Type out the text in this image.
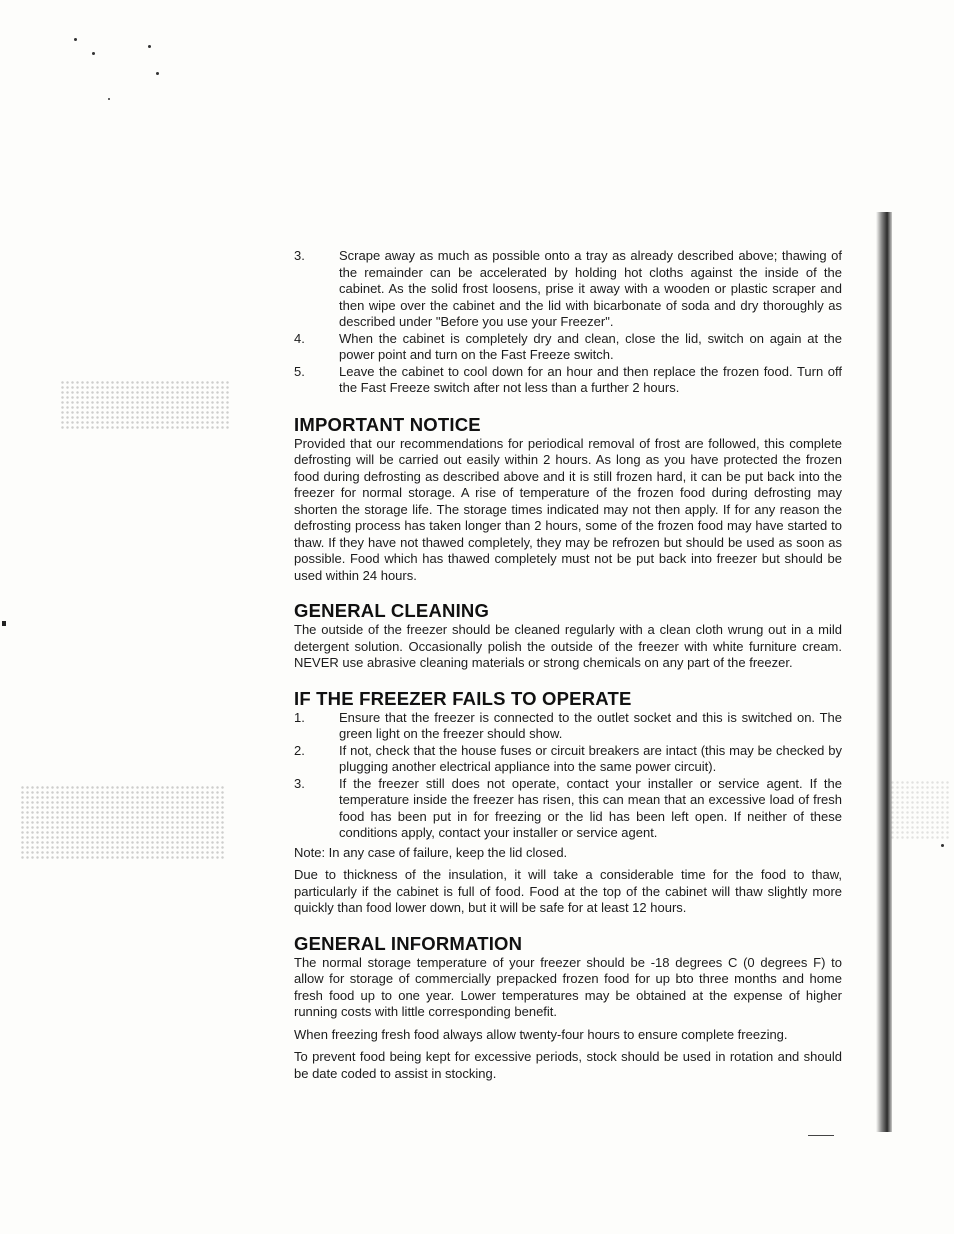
3.	Scrape away as much as possible onto a tray as already described above; thawing of the remainder can be accelerated by holding hot cloths against the inside of the cabinet. As the solid frost loosens, prise it away with a wooden or plastic scraper and then wipe over the cabinet and the lid with bicarbonate of soda and dry thoroughly as described under "Before you use your Freezer".
4.	When the cabinet is completely dry and clean, close the lid, switch on again at the power point and turn on the Fast Freeze switch.
5.	Leave the cabinet to cool down for an hour and then replace the frozen food. Turn off the Fast Freeze switch after not less than a further 2 hours.
IMPORTANT NOTICE

Provided that our recommendations for periodical removal of frost are followed, this complete defrosting will be carried out easily within 2 hours. As long as you have protected the frozen food during defrosting as described above and it is still frozen hard, it can be put back into the freezer for normal storage. A rise of temperature of the frozen food during defrosting may shorten the storage life. The storage times indicated may not then apply. If for any reason the defrosting process has taken longer than 2 hours, some of the frozen food may have started to thaw. If they have not thawed completely, they may be refrozen but should be used as soon as possible. Food which has thawed completely must not be put back into freezer but should be used within 24 hours.

GENERAL CLEANING

The outside of the freezer should be cleaned regularly with a clean cloth wrung out in a mild detergent solution. Occasionally polish the outside of the freezer with white furniture cream. NEVER use abrasive cleaning materials or strong chemicals on any part of the freezer.

IF THE FREEZER FAILS TO OPERATE
1.	Ensure that the freezer is connected to the outlet socket and this is switched on. The green light on the freezer should show.
2.	If not, check that the house fuses or circuit breakers are intact (this may be checked by plugging another electrical appliance into the same power circuit).
3.	If the freezer still does not operate, contact your installer or service agent. If the temperature inside the freezer has risen, this can mean that an excessive load of fresh food has been put in for freezing or the lid has been left open. If neither of these conditions apply, contact your installer or service agent.

Note: In any case of failure, keep the lid closed.

Due to thickness of the insulation, it will take a considerable time for the food to thaw, particularly if the cabinet is full of food. Food at the top of the cabinet will thaw slightly more quickly than food lower down, but it will be safe for at least 12 hours.

GENERAL INFORMATION

The normal storage temperature of your freezer should be -18 degrees C (0 degrees F) to allow for storage of commercially prepacked frozen food for up bto three months and home fresh food up to one year. Lower temperatures may be obtained at the expense of higher running costs with little corresponding benefit.

When freezing fresh food always allow twenty-four hours to ensure complete freezing.

To prevent food being kept for excessive periods, stock should be used in rotation and should be date coded to assist in stocking.
